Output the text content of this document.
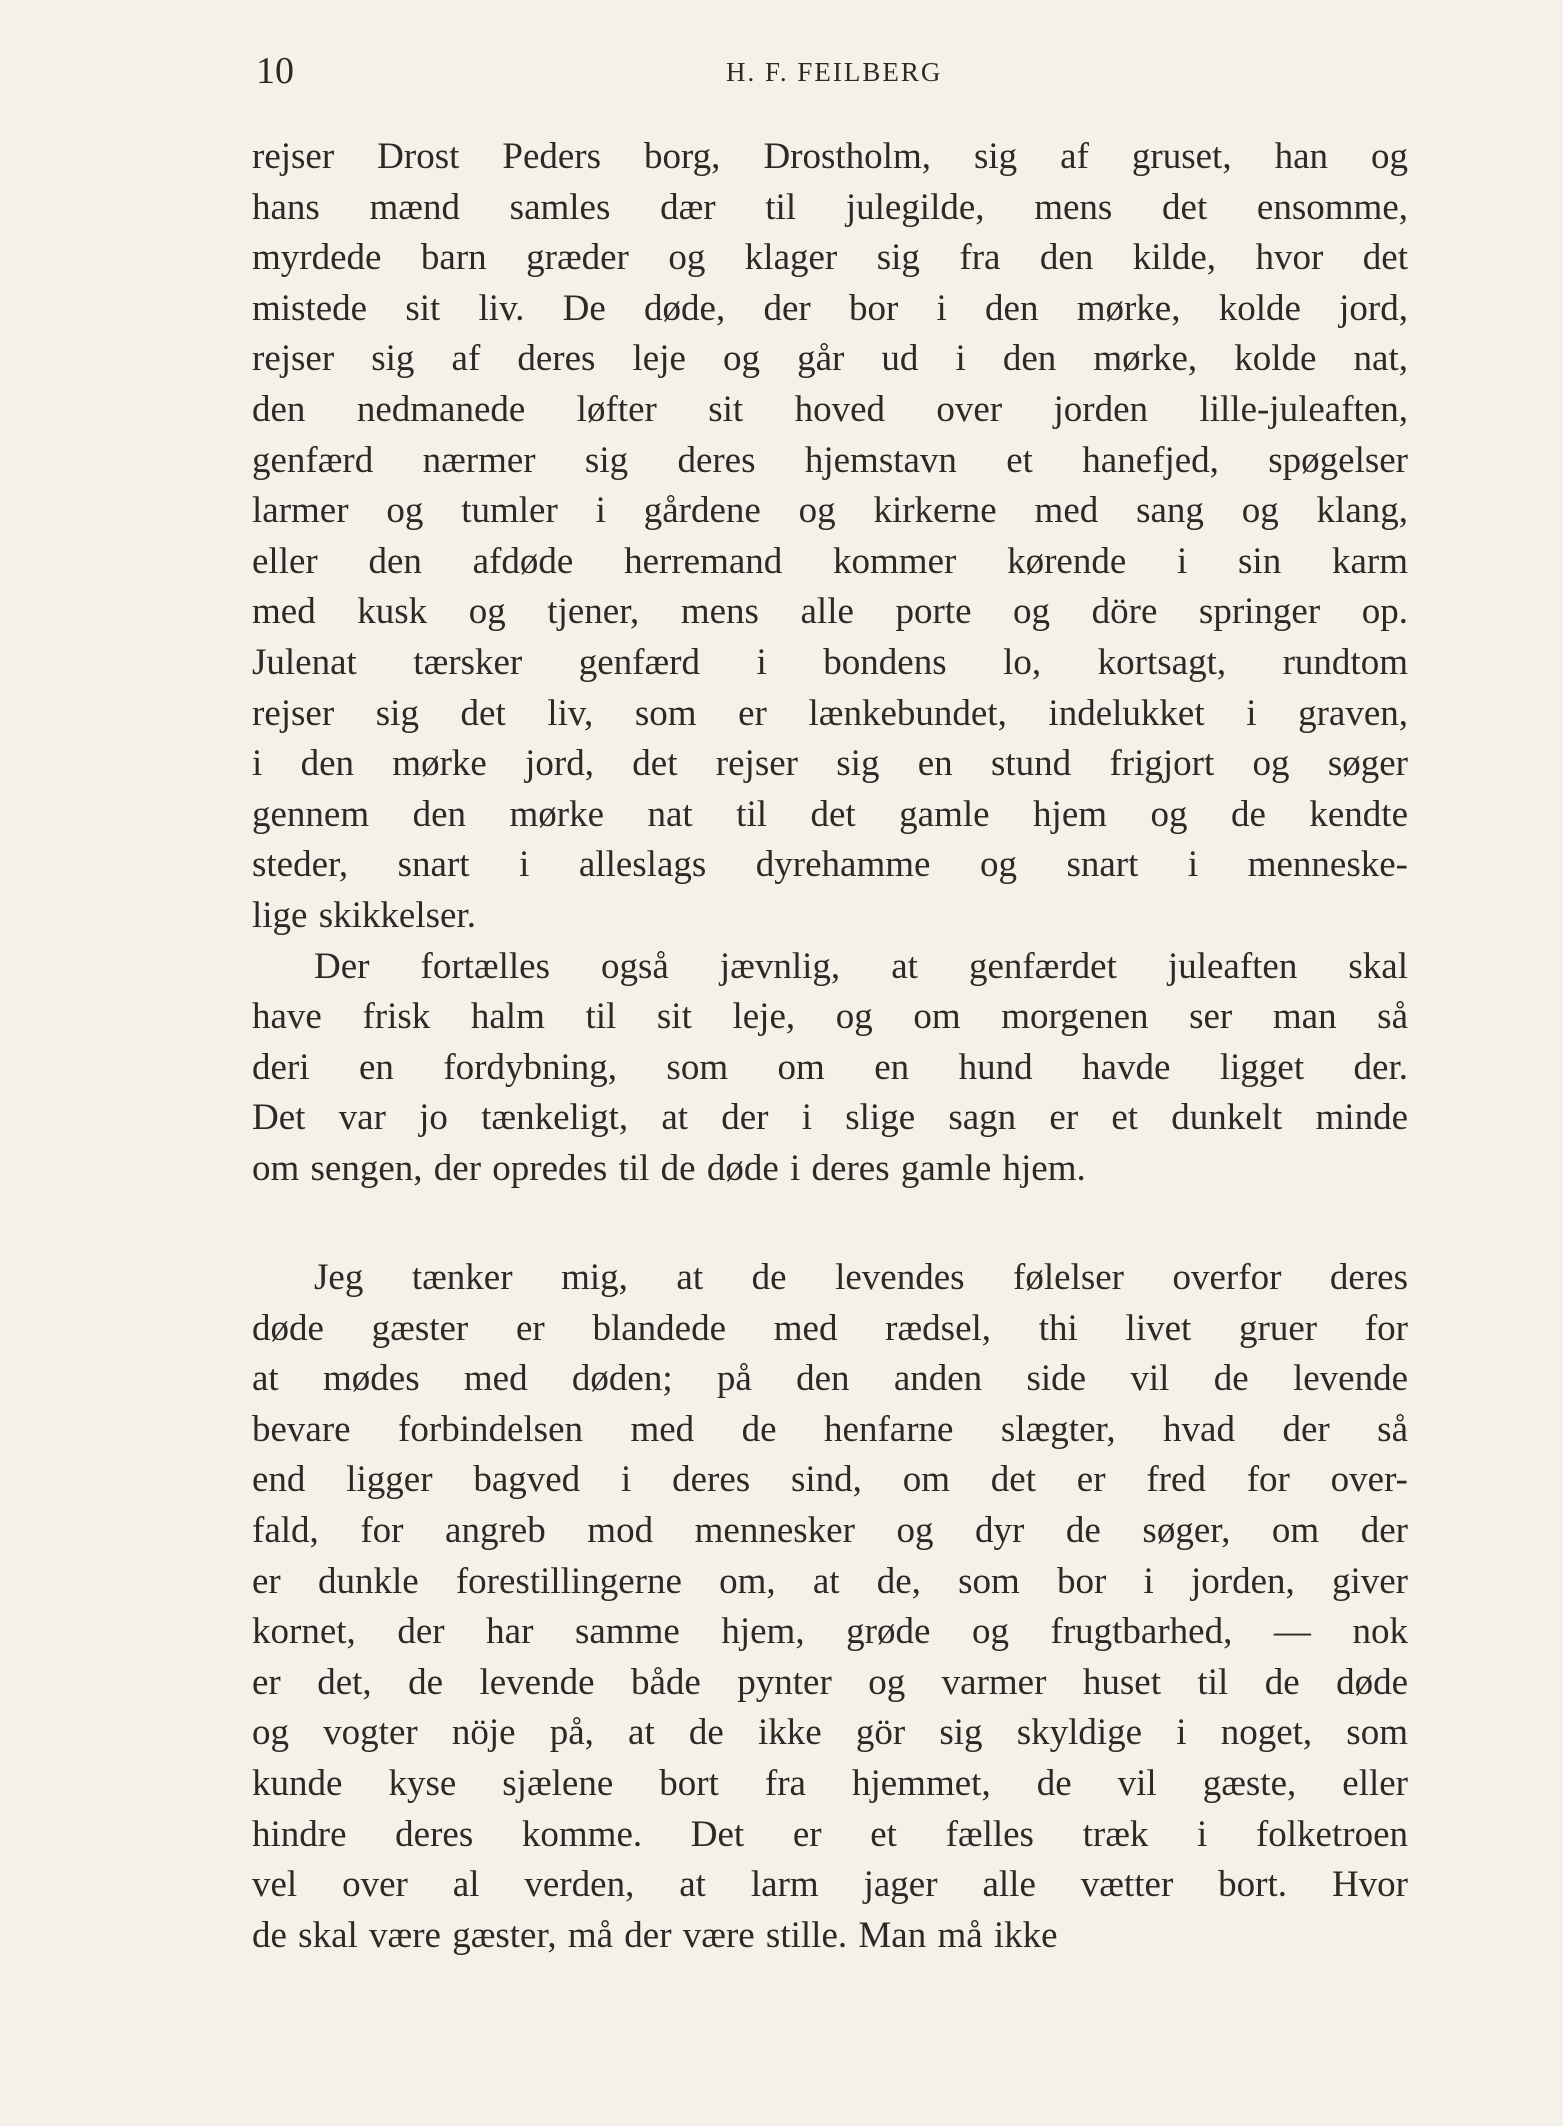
10	H. F. FEILBERG
rejser Drost Peders borg, Drostholm, sig af gruset, han og
hans mænd samles dær til julegilde, mens det ensomme,
myrdede barn græder og klager sig fra den kilde, hvor det
mistede sit liv. De døde, der bor i den mørke, kolde jord,
rejser sig af deres leje og går ud i den mørke, kolde nat,
den nedmanede løfter sit hoved over jorden lille-juleaften,
genfærd nærmer sig deres hjemstavn et hanefjed, spøgelser
larmer og tumler i gårdene og kirkerne med sang og klang,
eller den afdøde herremand kommer kørende i sin karm
med kusk og tjener, mens alle porte og döre springer op.
Julenat tærsker genfærd i bondens lo, kortsagt, rundtom
rejser sig det liv, som er lænkebundet, indelukket i graven,
i den mørke jord, det rejser sig en stund frigjort og søger
gennem den mørke nat til det gamle hjem og de kendte
steder, snart i alleslags dyrehamme og snart i menneske-
lige skikkelser.
Der fortælles også jævnlig, at genfærdet juleaften skal
have frisk halm til sit leje, og om morgenen ser man så
deri en fordybning, som om en hund havde ligget der.
Det var jo tænkeligt, at der i slige sagn er et dunkelt minde
om sengen, der opredes til de døde i deres gamle hjem.
Jeg tænker mig, at de levendes følelser overfor deres
døde gæster er blandede med rædsel, thi livet gruer for
at mødes med døden; på den anden side vil de levende
bevare forbindelsen med de henfarne slægter, hvad der så
end ligger bagved i deres sind, om det er fred for over-
fald, for angreb mod mennesker og dyr de søger, om der
er dunkle forestillingerne om, at de, som bor i jorden, giver
kornet, der har samme hjem, grøde og frugtbarhed, — nok
er det, de levende både pynter og varmer huset til de døde
og vogter nöje på, at de ikke gör sig skyldige i noget, som
kunde kyse sjælene bort fra hjemmet, de vil gæste, eller
hindre deres komme. Det er et fælles træk i folketroen
vel over al verden, at larm jager alle vætter bort. Hvor
de skal være gæster, må der være stille. Man må ikke
